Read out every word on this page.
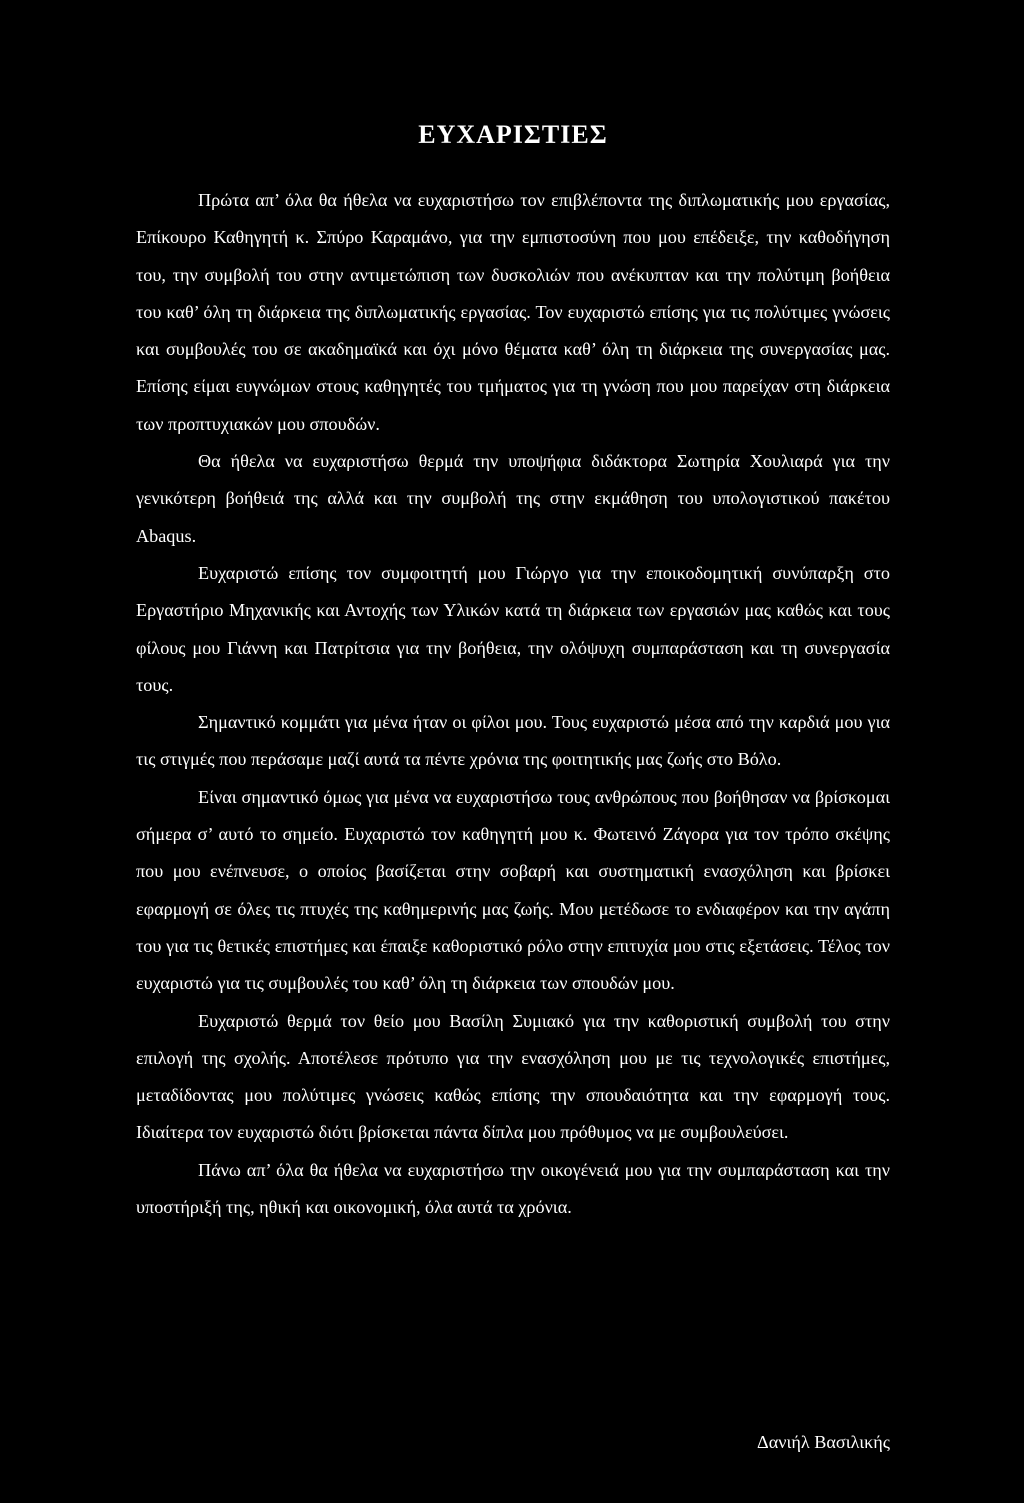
ΕΥΧΑΡΙΣΤΙΕΣ

Πρώτα απ’ όλα θα ήθελα να ευχαριστήσω τον επιβλέποντα της διπλωματικής μου εργασίας, Επίκουρο Καθηγητή κ. Σπύρο Καραμάνο, για την εμπιστοσύνη που μου επέδειξε, την καθοδήγηση του, την συμβολή του στην αντιμετώπιση των δυσκολιών που ανέκυπταν και την πολύτιμη βοήθεια του καθ’ όλη τη διάρκεια της διπλωματικής εργασίας. Τον ευχαριστώ επίσης για τις πολύτιμες γνώσεις και συμβουλές του σε ακαδημαϊκά και όχι μόνο θέματα καθ’ όλη τη διάρκεια της συνεργασίας μας. Επίσης είμαι ευγνώμων στους καθηγητές του τμήματος για τη γνώση που μου παρείχαν στη διάρκεια των προπτυχιακών μου σπουδών.

Θα ήθελα να ευχαριστήσω θερμά την υποψήφια διδάκτορα Σωτηρία Χουλιαρά για την γενικότερη βοήθειά της αλλά και την συμβολή της στην εκμάθηση του υπολογιστικού πακέτου Abaqus.

Ευχαριστώ επίσης τον συμφοιτητή μου Γιώργο για την εποικοδομητική συνύπαρξη στο Εργαστήριο Μηχανικής και Αντοχής των Υλικών κατά τη διάρκεια των εργασιών μας καθώς και τους φίλους μου Γιάννη και Πατρίτσια για την βοήθεια, την ολόψυχη συμπαράσταση και τη συνεργασία τους.

Σημαντικό κομμάτι για μένα ήταν οι φίλοι μου. Τους ευχαριστώ μέσα από την καρδιά μου για τις στιγμές που περάσαμε μαζί αυτά τα πέντε χρόνια της φοιτητικής μας ζωής στο Βόλο.

Είναι σημαντικό όμως για μένα να ευχαριστήσω τους ανθρώπους που βοήθησαν να βρίσκομαι σήμερα σ’ αυτό το σημείο. Ευχαριστώ τον καθηγητή μου κ. Φωτεινό Ζάγορα για τον τρόπο σκέψης που μου ενέπνευσε, ο οποίος βασίζεται στην σοβαρή και συστηματική ενασχόληση και βρίσκει εφαρμογή σε όλες τις πτυχές της καθημερινής μας ζωής. Μου μετέδωσε το ενδιαφέρον και την αγάπη του για τις θετικές επιστήμες και έπαιξε καθοριστικό ρόλο στην επιτυχία μου στις εξετάσεις. Τέλος τον ευχαριστώ για τις συμβουλές του καθ’ όλη τη διάρκεια των σπουδών μου.

Ευχαριστώ θερμά τον θείο μου Βασίλη Συμιακό για την καθοριστική συμβολή του στην επιλογή της σχολής. Αποτέλεσε πρότυπο για την ενασχόληση μου με τις τεχνολογικές επιστήμες, μεταδίδοντας μου πολύτιμες γνώσεις καθώς επίσης την σπουδαιότητα και την εφαρμογή τους. Ιδιαίτερα τον ευχαριστώ διότι βρίσκεται πάντα δίπλα μου πρόθυμος να με συμβουλεύσει.

Πάνω απ’ όλα θα ήθελα να ευχαριστήσω την οικογένειά μου για την συμπαράσταση και την υποστήριξή της, ηθική και οικονομική, όλα αυτά τα χρόνια.

Δανιήλ Βασιλικής
